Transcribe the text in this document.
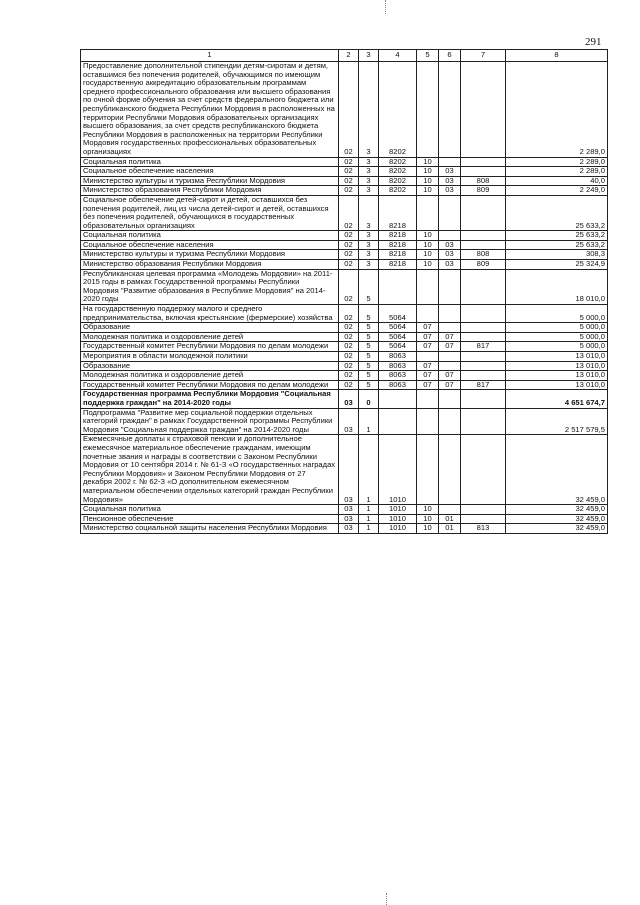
291
1	2	3	4	5	6	7	8
Предоставление дополнительной стипендии детям-сиротам и детям, оставшимся без попечения родителей, обучающимся по имеющим государственную аккредитацию образовательным программам среднего профессионального образования или высшего образования по очной форме обучения за счет средств федерального бюджета или республиканского бюджета Республики Мордовия в расположенных на территории Республики Мордовия образовательных организациях высшего образования, за счет средств республиканского бюджета Республики Мордовия в расположенных на территории Республики Мордовия государственных профессиональных образовательных организациях	02	3	8202				2 289,0
Социальная политика	02	3	8202	10			2 289,0
Социальное обеспечение населения	02	3	8202	10	03		2 289,0
Министерство культуры и туризма Республики Мордовия	02	3	8202	10	03	808	40,0
Министерство образования Республики Мордовия	02	3	8202	10	03	809	2 249,0
Социальное обеспечение детей-сирот и детей, оставшихся без попечения родителей, лиц из числа детей-сирот и детей, оставшихся без попечения родителей, обучающихся в государственных образовательных организациях	02	3	8218				25 633,2
Социальная политика	02	3	8218	10			25 633,2
Социальное обеспечение населения	02	3	8218	10	03		25 633,2
Министерство культуры и туризма Республики Мордовия	02	3	8218	10	03	808	308,3
Министерство образования Республики Мордовия	02	3	8218	10	03	809	25 324,9
Республиканская целевая программа «Молодежь Мордовии» на 2011-2015 годы в рамках Государственной программы Республики Мордовия "Развитие образования в Республике Мордовия" на 2014-2020 годы	02	5					18 010,0
На государственную поддержку малого и среднего предпринимательства, включая крестьянские (фермерские) хозяйства	02	5	5064				5 000,0
Образование	02	5	5064	07			5 000,0
Молодежная политика и оздоровление детей	02	5	5064	07	07		5 000,0
Государственный комитет Республики Мордовия по делам молодежи	02	5	5064	07	07	817	5 000,0
Мероприятия в области молодежной политики	02	5	8063				13 010,0
Образование	02	5	8063	07			13 010,0
Молодежная политика и оздоровление детей	02	5	8063	07	07		13 010,0
Государственный комитет Республики Мордовия по делам молодежи	02	5	8063	07	07	817	13 010,0
Государственная программа Республики Мордовия "Социальная поддержка граждан" на 2014-2020 годы	03	0					4 651 674,7
Подпрограмма "Развитие мер социальной поддержки отдельных категорий граждан" в рамках Государственной программы Республики Мордовия "Социальная поддержка граждан" на 2014-2020 годы	03	1					2 517 579,5
Ежемесячные доплаты к страховой пенсии и дополнительное ежемесячное материальное обеспечение гражданам, имеющим почетные звания и награды в соответствии с Законом Республики Мордовия от 10 сентября 2014 г. № 61-З «О государственных наградах Республики Мордовия» и Законом Республики Мордовия от 27 декабря 2002 г. № 62-З «О дополнительном ежемесячном материальном обеспечении отдельных категорий граждан Республики Мордовия»	03	1	1010				32 459,0
Социальная политика	03	1	1010	10			32 459,0
Пенсионное обеспечение	03	1	1010	10	01		32 459,0
Министерство социальной защиты населения Республики Мордовия	03	1	1010	10	01	813	32 459,0
